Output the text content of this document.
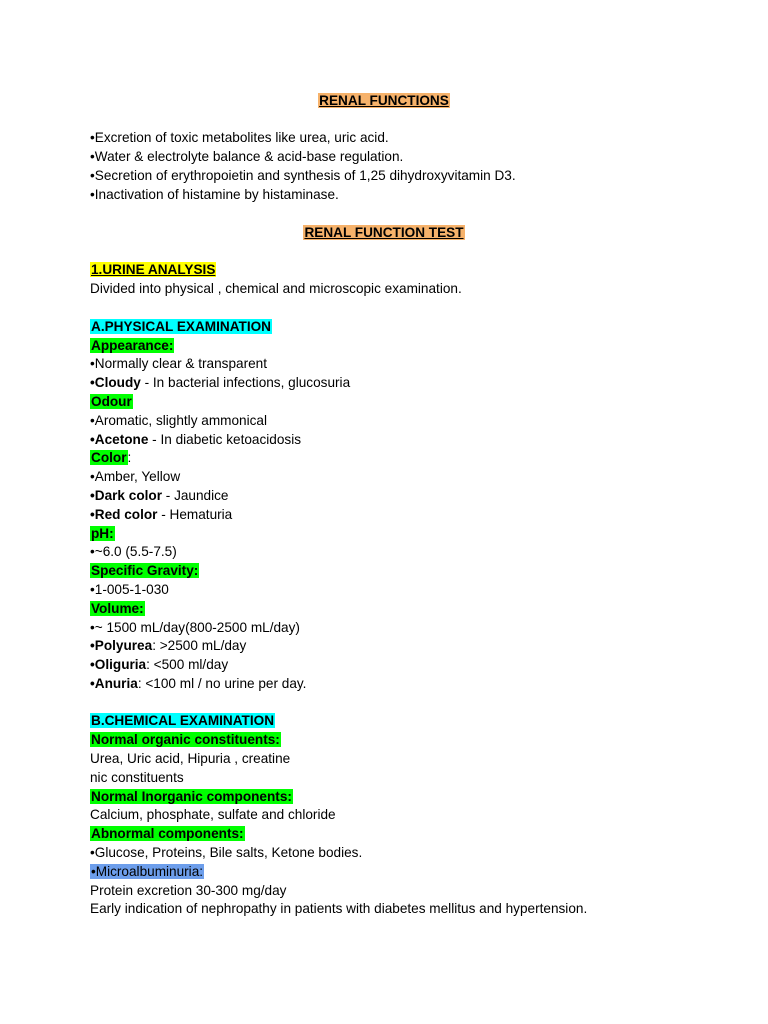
RENAL FUNCTIONS
•Excretion of toxic metabolites like urea, uric acid.
•Water & electrolyte balance & acid-base regulation.
•Secretion of erythropoietin and synthesis of 1,25 dihydroxyvitamin D3.
•Inactivation of histamine by histaminase.
RENAL FUNCTION TEST
1.URINE ANALYSIS
Divided into physical , chemical and microscopic examination.
A.PHYSICAL EXAMINATION
Appearance:
•Normally clear & transparent
•Cloudy - In bacterial infections, glucosuria
Odour
•Aromatic, slightly ammonical
•Acetone - In diabetic ketoacidosis
Color:
•Amber, Yellow
•Dark color - Jaundice
•Red color - Hematuria
pH:
•~6.0 (5.5-7.5)
Specific Gravity:
•1-005-1-030
Volume:
•~ 1500 mL/day(800-2500 mL/day)
•Polyurea: >2500 mL/day
•Oliguria: <500 ml/day
•Anuria: <100 ml / no urine per day.
B.CHEMICAL EXAMINATION
Normal organic constituents:
Urea, Uric acid, Hipuria , creatine
nic constituents
Normal Inorganic components:
Calcium, phosphate, sulfate and chloride
Abnormal components:
•Glucose, Proteins, Bile salts, Ketone bodies.
•Microalbuminuria:
Protein excretion 30-300 mg/day
Early indication of nephropathy in patients with diabetes mellitus and hypertension.
